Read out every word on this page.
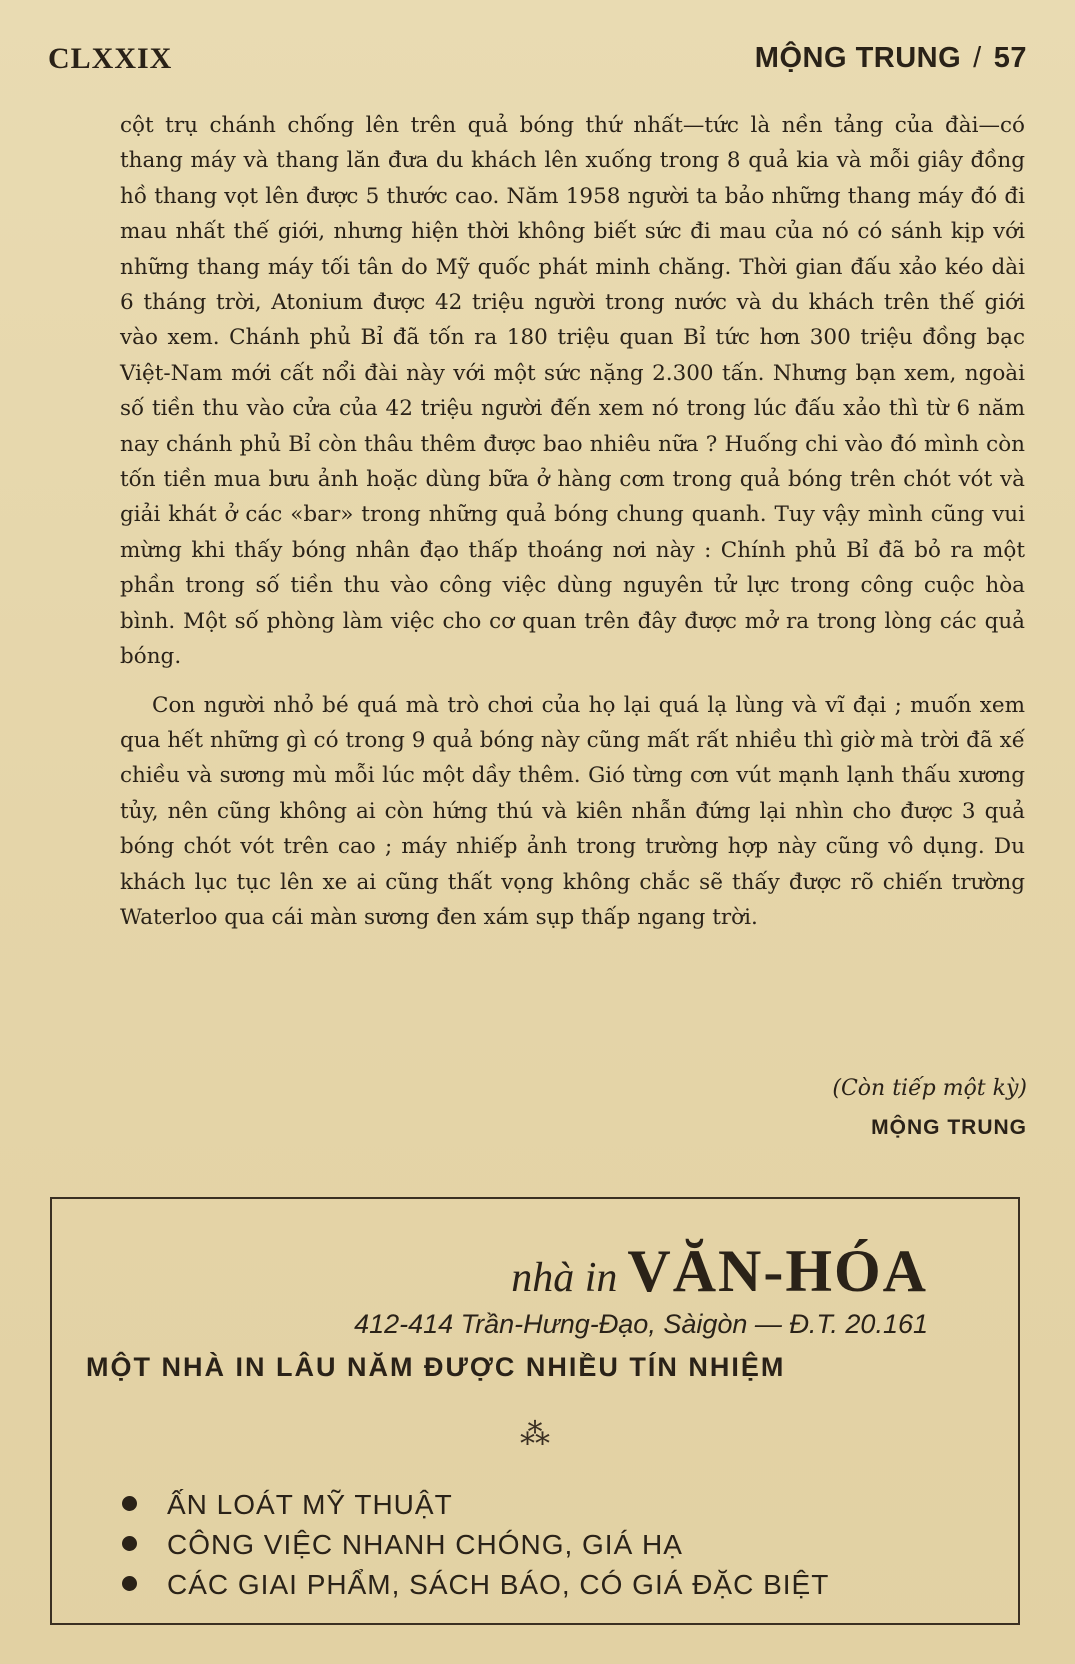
CLXXIX	MỘNG TRUNG / 57

cột trụ chánh chống lên trên quả bóng thứ nhất—tức là nền tảng của đài—có thang máy và thang lăn đưa du khách lên xuống trong 8 quả kia và mỗi giây đồng hồ thang vọt lên được 5 thước cao. Năm 1958 người ta bảo những thang máy đó đi mau nhất thế giới, nhưng hiện thời không biết sức đi mau của nó có sánh kịp với những thang máy tối tân do Mỹ quốc phát minh chăng. Thời gian đấu xảo kéo dài 6 tháng trời, Atonium được 42 triệu người trong nước và du khách trên thế giới vào xem. Chánh phủ Bỉ đã tốn ra 180 triệu quan Bỉ tức hơn 300 triệu đồng bạc Việt-Nam mới cất nổi đài này với một sức nặng 2.300 tấn. Nhưng bạn xem, ngoài số tiền thu vào cửa của 42 triệu người đến xem nó trong lúc đấu xảo thì từ 6 năm nay chánh phủ Bỉ còn thâu thêm được bao nhiêu nữa ? Huống chi vào đó mình còn tốn tiền mua bưu ảnh hoặc dùng bữa ở hàng cơm trong quả bóng trên chót vót và giải khát ở các «bar» trong những quả bóng chung quanh. Tuy vậy mình cũng vui mừng khi thấy bóng nhân đạo thấp thoáng nơi này : Chính phủ Bỉ đã bỏ ra một phần trong số tiền thu vào công việc dùng nguyên tử lực trong công cuộc hòa bình. Một số phòng làm việc cho cơ quan trên đây được mở ra trong lòng các quả bóng.

Con người nhỏ bé quá mà trò chơi của họ lại quá lạ lùng và vĩ đại ; muốn xem qua hết những gì có trong 9 quả bóng này cũng mất rất nhiều thì giờ mà trời đã xế chiều và sương mù mỗi lúc một dầy thêm. Gió từng cơn vút mạnh lạnh thấu xương tủy, nên cũng không ai còn hứng thú và kiên nhẫn đứng lại nhìn cho được 3 quả bóng chót vót trên cao ; máy nhiếp ảnh trong trường hợp này cũng vô dụng. Du khách lục tục lên xe ai cũng thất vọng không chắc sẽ thấy được rõ chiến trường Waterloo qua cái màn sương đen xám sụp thấp ngang trời.

(Còn tiếp một kỳ)
MỘNG TRUNG
nhà in VĂN-HÓA
412-414 Trần-Hưng-Đạo, Sàigòn — Đ.T. 20.161
MỘT NHÀ IN LÂU NĂM ĐƯỢC NHIỀU TÍN NHIỆM
⁂
ẤN LOÁT MỸ THUẬT
CÔNG VIỆC NHANH CHÓNG, GIÁ HẠ
CÁC GIAI PHẨM, SÁCH BÁO, CÓ GIÁ ĐẶC BIỆT
